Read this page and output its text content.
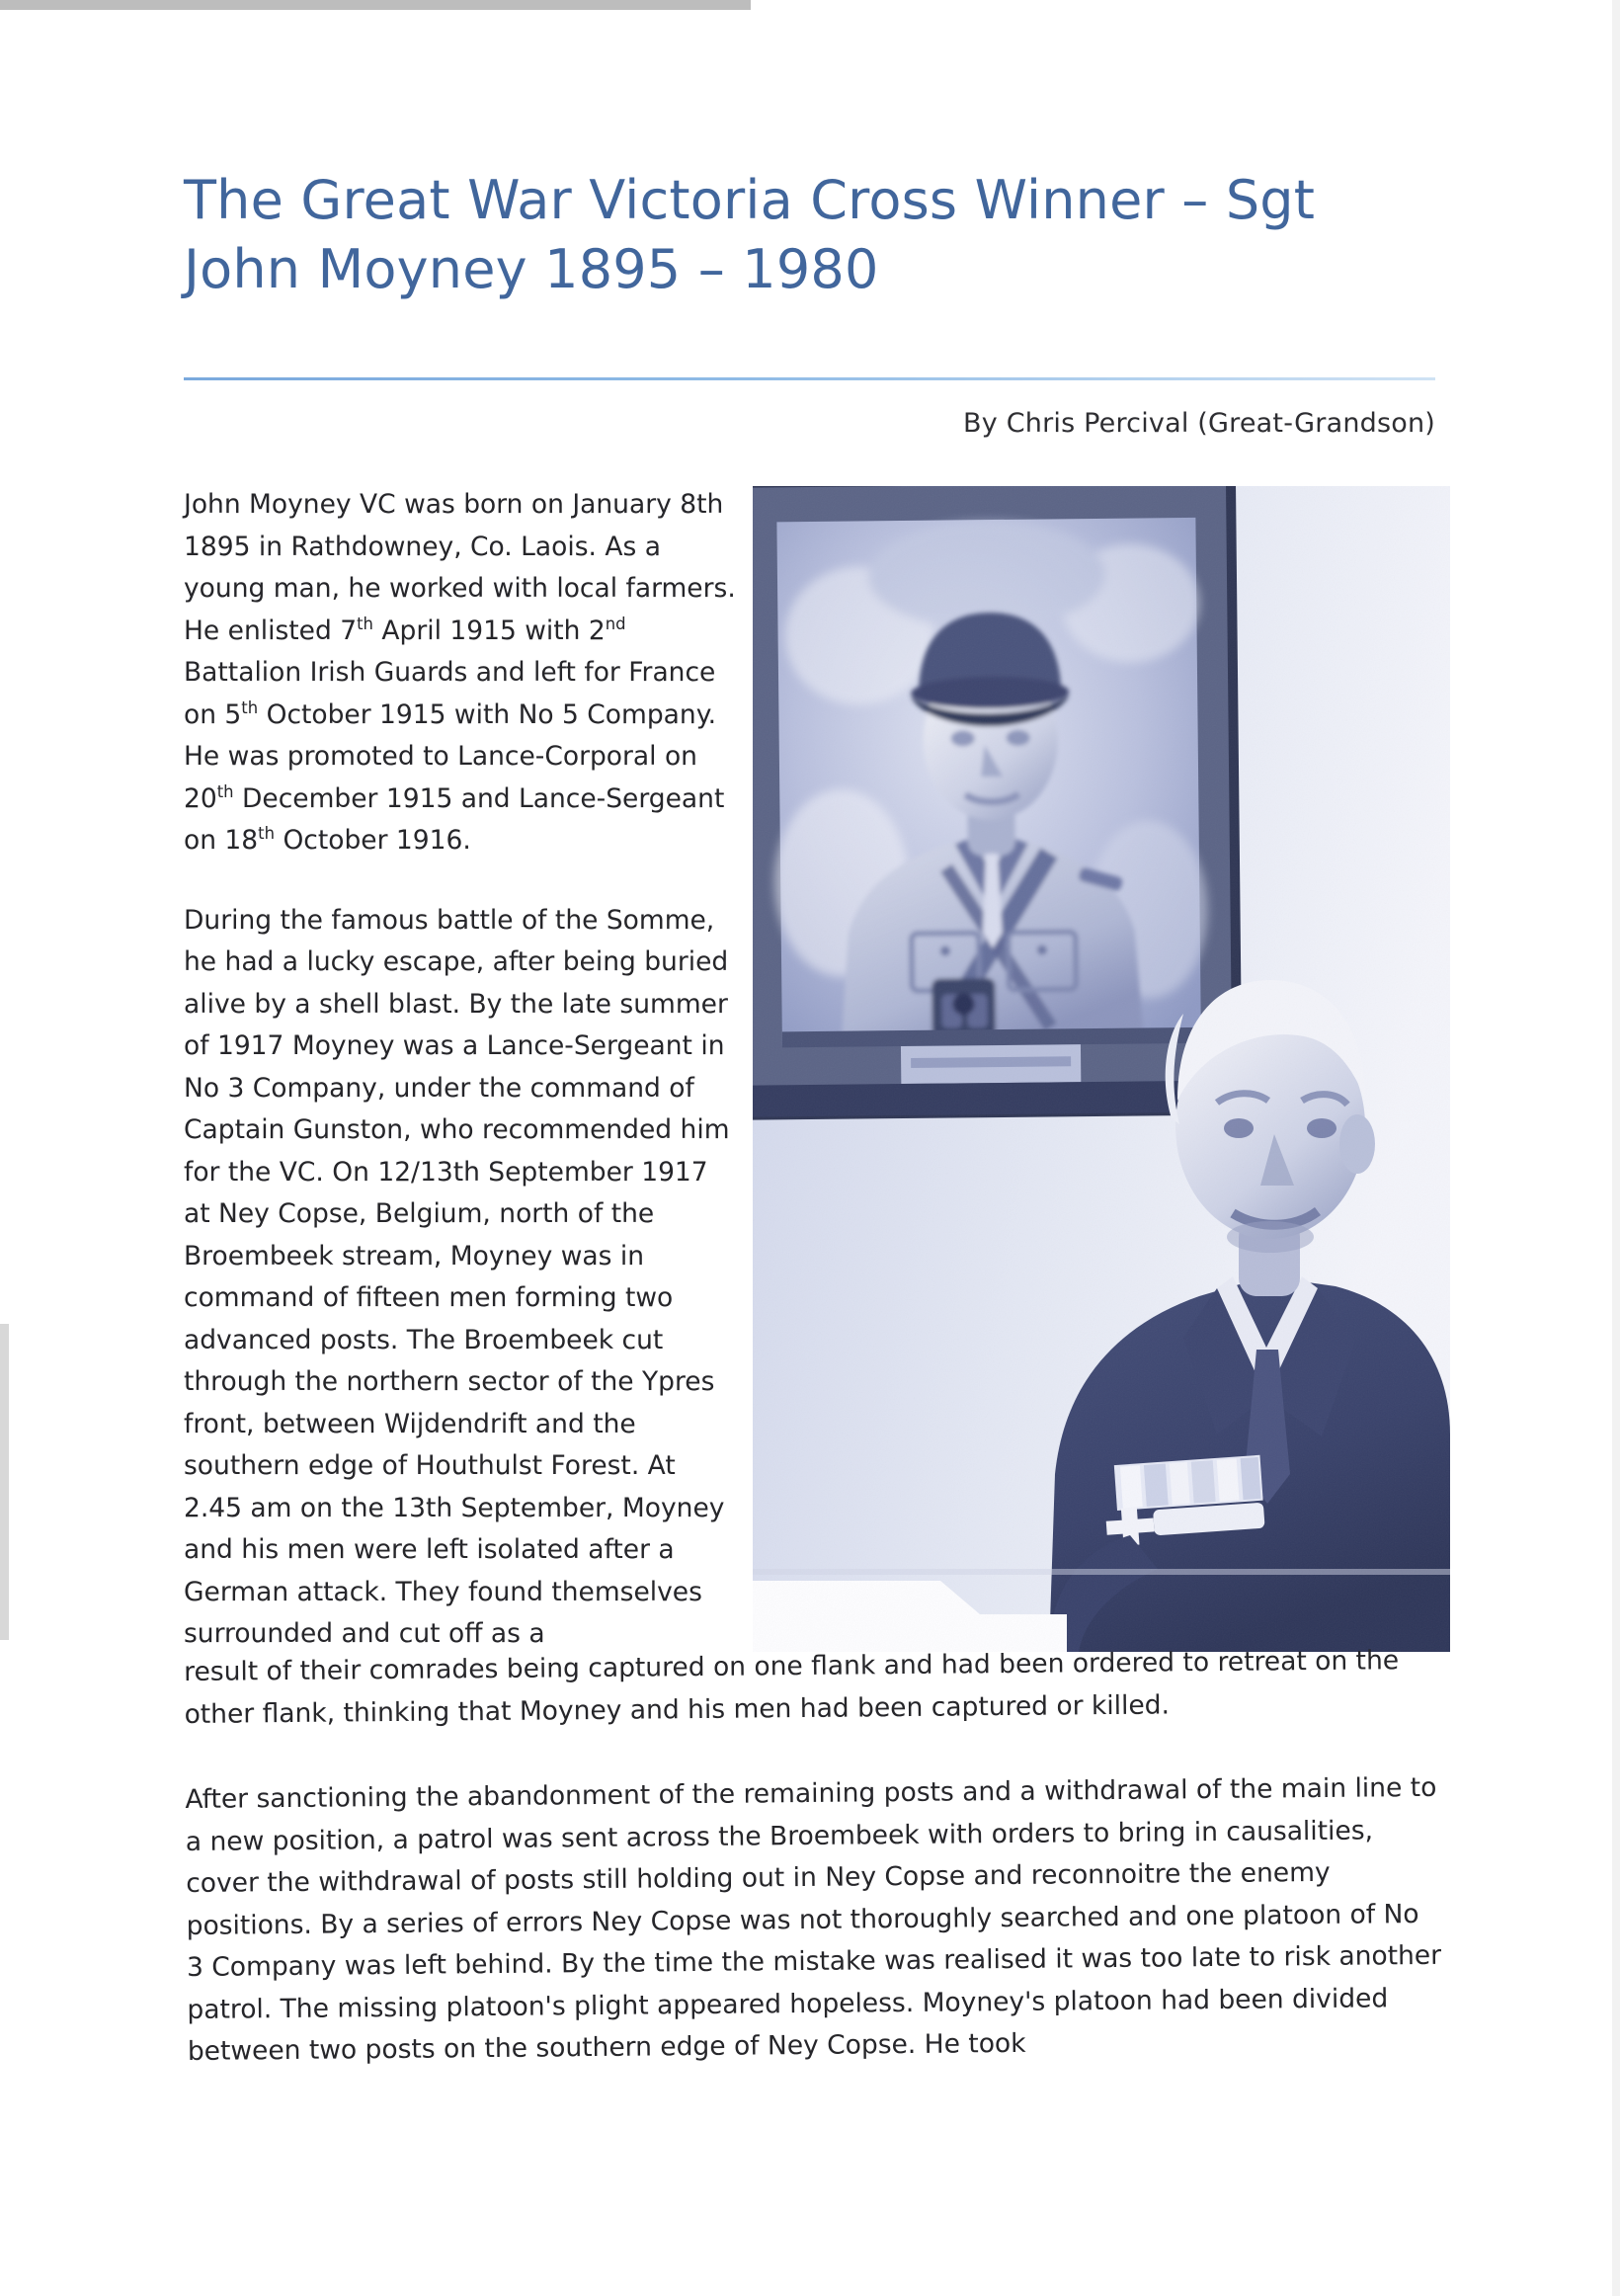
The Great War Victoria Cross Winner – Sgt
John Moyney 1895 – 1980
By Chris Percival (Great-Grandson)

John Moyney VC was born on January 8th 1895 in Rathdowney, Co. Laois. As a young man, he worked with local farmers. He enlisted 7th April 1915 with 2nd Battalion Irish Guards and left for France on 5th October 1915 with No 5 Company. He was promoted to Lance-Corporal on 20th December 1915 and Lance-Sergeant on 18th October 1916.

During the famous battle of the Somme, he had a lucky escape, after being buried alive by a shell blast. By the late summer of 1917 Moyney was a Lance-Sergeant in No 3 Company, under the command of Captain Gunston, who recommended him for the VC. On 12/13th September 1917 at Ney Copse, Belgium, north of the Broembeek stream, Moyney was in command of fifteen men forming two advanced posts. The Broembeek cut through the northern sector of the Ypres front, between Wijdendrift and the southern edge of Houthulst Forest. At 2.45 am on the 13th September, Moyney and his men were left isolated after a German attack. They found themselves surrounded and cut off as a

result of their comrades being captured on one flank and had been ordered to retreat on the other flank, thinking that Moyney and his men had been captured or killed.

After sanctioning the abandonment of the remaining posts and a withdrawal of the main line to a new position, a patrol was sent across the Broembeek with orders to bring in causalities, cover the withdrawal of posts still holding out in Ney Copse and reconnoitre the enemy positions. By a series of errors Ney Copse was not thoroughly searched and one platoon of No 3 Company was left behind. By the time the mistake was realised it was too late to risk another patrol. The missing platoon's plight appeared hopeless. Moyney's platoon had been divided between two posts on the southern edge of Ney Copse. He took
